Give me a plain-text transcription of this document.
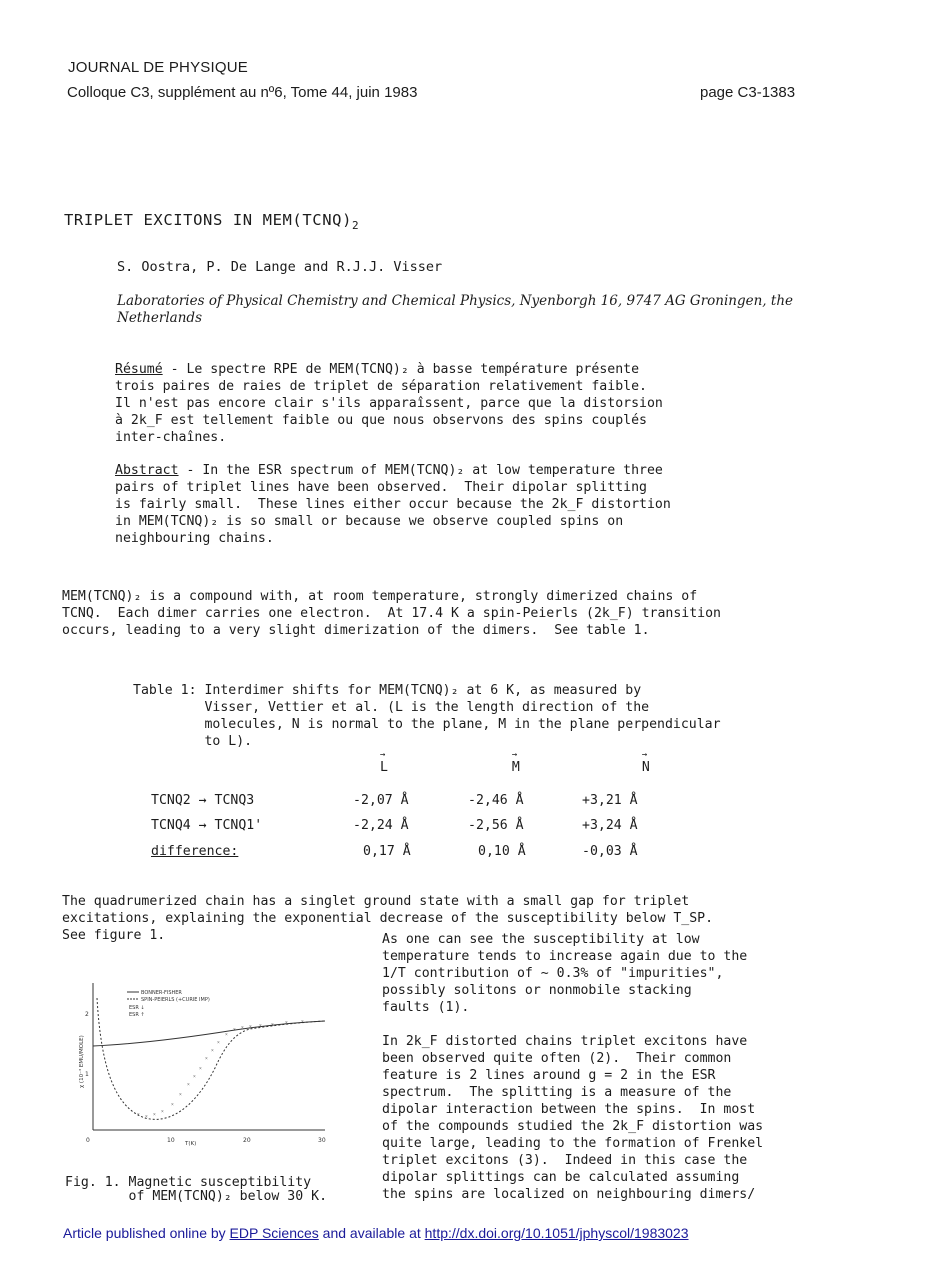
JOURNAL DE PHYSIQUE
Colloque C3, supplément au nº6, Tome 44, juin 1983	page C3-1383
TRIPLET EXCITONS IN $MEM(TCNQ)_2$
S. Oostra, P. De Lange and R.J.J. Visser
Laboratories of Physical Chemistry and Chemical Physics, Nyenborgh 16, 9747 AG Groningen, the Netherlands
Résumé - Le spectre RPE de MEM(TCNQ)₂ à basse température présente
trois paires de raies de triplet de séparation relativement faible.
Il n'est pas encore clair s'ils apparaîssent, parce que la distorsion
à 2k_F est tellement faible ou que nous observons des spins couplés
inter-chaînes.
Abstract - In the ESR spectrum of MEM(TCNQ)₂ at low temperature three
pairs of triplet lines have been observed.  Their dipolar splitting
is fairly small.  These lines either occur because the 2k_F distortion
in MEM(TCNQ)₂ is so small or because we observe coupled spins on
neighbouring chains.
MEM(TCNQ)₂ is a compound with, at room temperature, strongly dimerized chains of
TCNQ.  Each dimer carries one electron.  At 17.4 K a spin-Peierls (2k_F) transition
occurs, leading to a very slight dimerization of the dimers.  See table 1.
Table 1: Interdimer shifts for MEM(TCNQ)₂ at 6 K, as measured by
Visser, Vettier et al. (L is the length direction of the
molecules, N is normal to the plane, M in the plane perpendicular
to L).
→ L	→ M	→ N
TCNQ2 → TCNQ3	-2,07 Å	-2,46 Å	+3,21 Å
TCNQ4 → TCNQ1'	-2,24 Å	-2,56 Å	+3,24 Å
difference:	0,17 Å	0,10 Å	-0,03 Å
The quadrumerized chain has a singlet ground state with a small gap for triplet
excitations, explaining the exponential decrease of the susceptibility below T_SP.
See figure 1.	As one can see the susceptibility at low
temperature tends to increase again due to the
1/T contribution of ~ 0.3% of "impurities",
possibly solitons or nonmobile stacking
faults (1).

In 2k_F distorted chains triplet excitons have
been observed quite often (2).  Their common
feature is 2 lines around g = 2 in the ESR
spectrum.  The splitting is a measure of the
dipolar interaction between the spins.  In most
of the compounds studied the 2k_F distortion was
quite large, leading to the formation of Frenkel
triplet excitons (3).  Indeed in this case the
dipolar splittings can be calculated assuming
the spins are localized on neighbouring dimers/
BONNER-FISHER
SPIN-PEIERLS (+CURIE IMP)
ESR ↓
ESR ↑
2
1
χ (10⁻³ EMU/MOLE)
0	10	20	30
T(K)
× × ×
×
×
×
×
×
×
×
×
×
×
× × × × × ×	×
Fig. 1. Magnetic susceptibility
of MEM(TCNQ)₂ below 30 K.
Article published online by EDP Sciences and available at http://dx.doi.org/10.1051/jphyscol/1983023
